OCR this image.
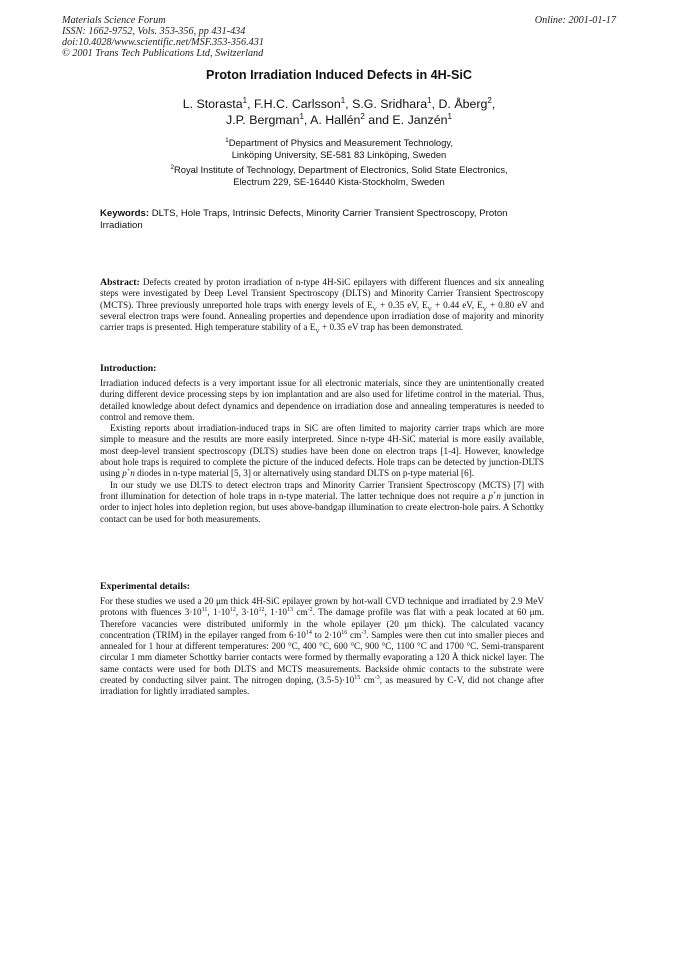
Materials Science Forum
ISSN: 1662-9752, Vols. 353-356, pp 431-434
doi:10.4028/www.scientific.net/MSF.353-356.431
© 2001 Trans Tech Publications Ltd, Switzerland
Online: 2001-01-17
Proton Irradiation Induced Defects in 4H-SiC
L. Storasta$^1$, F.H.C. Carlsson$^1$, S.G. Sridhara$^1$, D. Åberg$^2$,
J.P. Bergman$^1$, A. Hallén$^2$ and E. Janzén$^1$
$^1$Department of Physics and Measurement Technology,
Linköping University, SE-581 83 Linköping, Sweden
$^2$Royal Institute of Technology, Department of Electronics, Solid State Electronics,
Electrum 229, SE-16440 Kista-Stockholm, Sweden
Keywords: DLTS, Hole Traps, Intrinsic Defects, Minority Carrier Transient Spectroscopy, Proton Irradiation

Abstract: Defects created by proton irradiation of n-type 4H-SiC epilayers with different fluences and six annealing steps were investigated by Deep Level Transient Spectroscopy (DLTS) and Minority Carrier Transient Spectroscopy (MCTS). Three previously unreported hole traps with energy levels of $E_V + 0.35$ eV, $E_V + 0.44$ eV, $E_V + 0.80$ eV and several electron traps were found. Annealing properties and dependence upon irradiation dose of majority and minority carrier traps is presented. High temperature stability of a $E_V + 0.35$ eV trap has been demonstrated.

Introduction:

Irradiation induced defects is a very important issue for all electronic materials, since they are unintentionally created during different device processing steps by ion implantation and are also used for lifetime control in the material. Thus, detailed knowledge about defect dynamics and dependence on irradiation dose and annealing temperatures is needed to control and remove them.

Existing reports about irradiation-induced traps in SiC are often limited to majority carrier traps which are more simple to measure and the results are more easily interpreted. Since n-type 4H-SiC material is more easily available, most deep-level transient spectroscopy (DLTS) studies have been done on electron traps [1-4]. However, knowledge about hole traps is required to complete the picture of the induced defects. Hole traps can be detected by junction-DLTS using p+n diodes in n-type material [5, 3] or alternatively using standard DLTS on p-type material [6].

In our study we use DLTS to detect electron traps and Minority Carrier Transient Spectroscopy (MCTS) [7] with front illumination for detection of hole traps in n-type material. The latter technique does not require a p+n junction in order to inject holes into depletion region, but uses above-bandgap illumination to create electron-hole pairs. A Schottky contact can be used for both measurements.

Experimental details:

For these studies we used a 20 μm thick 4H-SiC epilayer grown by hot-wall CVD technique and irradiated by 2.9 MeV protons with fluences $3\cdot 10^{11}$, $1\cdot 10^{12}$, $3\cdot 10^{12}$, $1\cdot 10^{13}$ $cm^{-2}$. The damage profile was flat with a peak located at 60 μm. Therefore vacancies were distributed uniformly in the whole epilayer (20 μm thick). The calculated vacancy concentration (TRIM) in the epilayer ranged from $6\cdot 10^{14}$ to $2\cdot 10^{16}$ $cm^{-3}$. Samples were then cut into smaller pieces and annealed for 1 hour at different temperatures: 200 °C, 400 °C, 600 °C, 900 °C, 1100 °C and 1700 °C. Semi-transparent circular 1 mm diameter Schottky barrier contacts were formed by thermally evaporating a 120 Å thick nickel layer. The same contacts were used for both DLTS and MCTS measurements. Backside ohmic contacts to the substrate were created by conducting silver paint. The nitrogen doping, $(3.5-5)\cdot 10^{15}$ $cm^{-3}$, as measured by C-V, did not change after irradiation for lightly irradiated samples.
